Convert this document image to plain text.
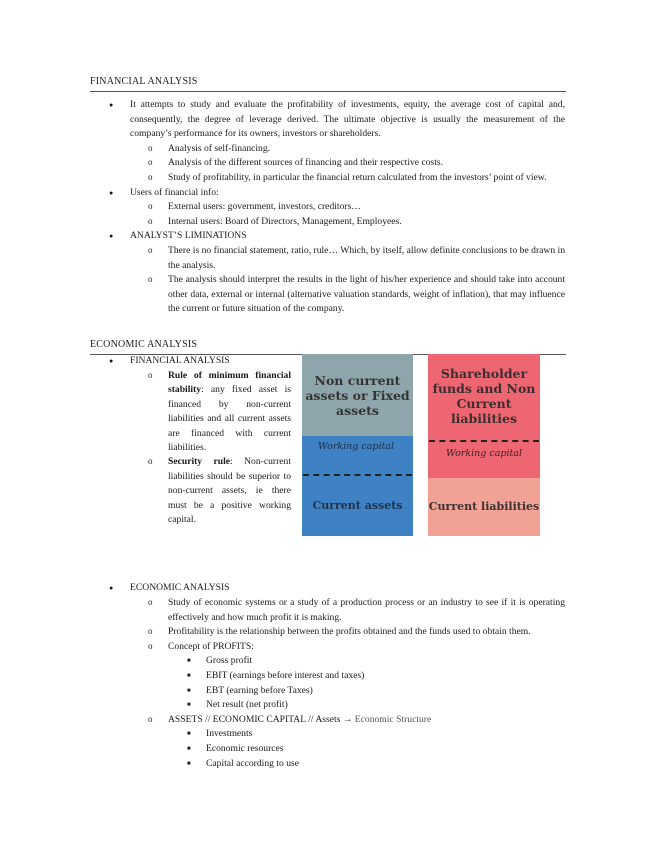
FINANCIAL ANALYSIS
● It attempts to study and evaluate the profitability of investments, equity, the average cost of capital and, consequently, the degree of leverage derived. The ultimate objective is usually the measurement of the company’s performance for its owners, investors or shareholders.
o Analysis of self-financing.
o Analysis of the different sources of financing and their respective costs.
o Study of profitability, in particular the financial return calculated from the investors’ point of view.
● Users of financial info:
o External users: government, investors, creditors…
o Internal users: Board of Directors, Management, Employees.
● ANALYST’S LIMINATIONS
o There is no financial statement, ratio, rule… Which, by itself, allow definite conclusions to be drawn in the analysis.
o The analysis should interpret the results in the light of his/her experience and should take into account other data, external or internal (alternative valuation standards, weight of inflation), that may influence the current or future situation of the company.
ECONOMIC ANALYSIS
● FINANCIAL ANALYSIS
o Rule of minimum financial stability: any fixed asset is financed by non-current liabilities and all current assets are financed with current liabilities.
o Security rule: Non-current liabilities should be superior to non-current assets, ie there must be a positive working capital.
Non current assets or Fixed assets
Working capital
Current assets
Shareholder funds and Non Current liabilities
Working capital
Current liabilities
● ECONOMIC ANALYSIS
o Study of economic systems or a study of a production process or an industry to see if it is operating effectively and how much profit it is making.
o Profitability is the relationship between the profits obtained and the funds used to obtain them.
o Concept of PROFITS:
■ Gross profit
■ EBIT (earnings before interest and taxes)
■ EBT (earning before Taxes)
■ Net result (net profit)
o ASSETS // ECONOMIC CAPITAL // Assets → Economic Structure
■ Investments
■ Economic resources
■ Capital according to use
